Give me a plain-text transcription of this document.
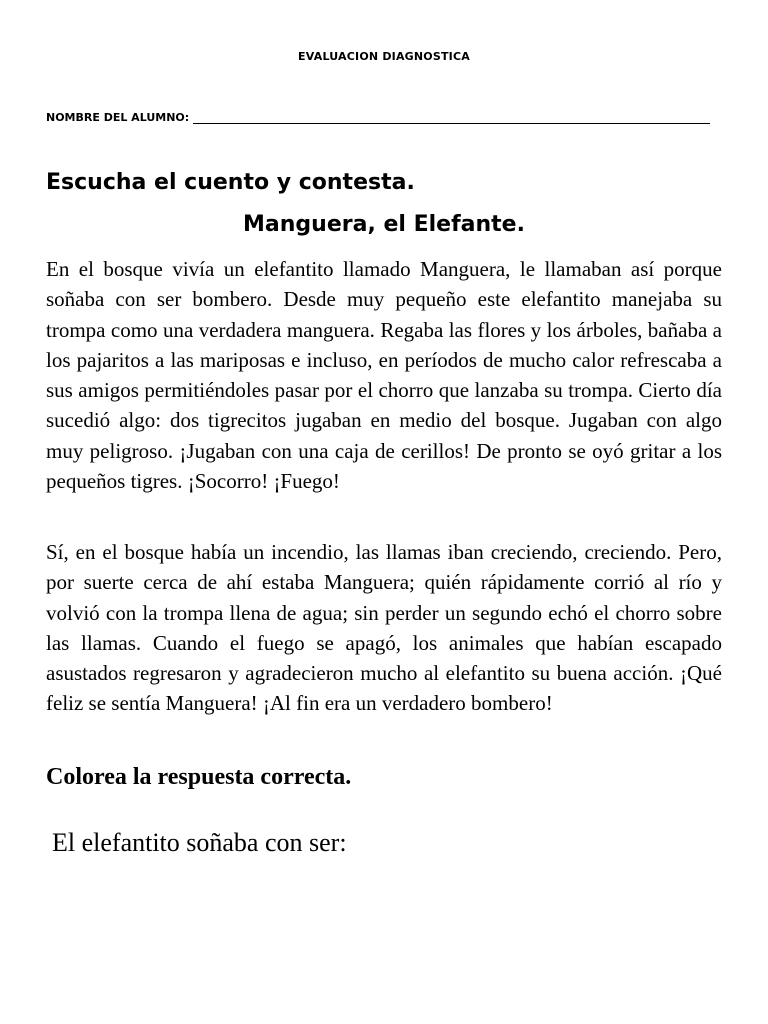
EVALUACION DIAGNOSTICA
NOMBRE DEL ALUMNO:
Escucha el cuento y contesta.
Manguera, el Elefante.

En el bosque vivía un elefantito llamado Manguera, le llamaban así porque soñaba con ser bombero. Desde muy pequeño este elefantito manejaba su trompa como una verdadera manguera. Regaba las flores y los árboles, bañaba a los pajaritos a las mariposas e incluso, en períodos de mucho calor refrescaba a sus amigos permitiéndoles pasar por el chorro que lanzaba su trompa. Cierto día sucedió algo: dos tigrecitos jugaban en medio del bosque. Jugaban con algo muy peligroso. ¡Jugaban con una caja de cerillos! De pronto se oyó gritar a los pequeños tigres. ¡Socorro! ¡Fuego!

Sí, en el bosque había un incendio, las llamas iban creciendo, creciendo. Pero, por suerte cerca de ahí estaba Manguera; quién rápidamente corrió al río y volvió con la trompa llena de agua; sin perder un segundo echó el chorro sobre las llamas. Cuando el fuego se apagó, los animales que habían escapado asustados regresaron y agradecieron mucho al elefantito su buena acción. ¡Qué feliz se sentía Manguera! ¡Al fin era un verdadero bombero!

Colorea la respuesta correcta.
El elefantito soñaba con ser:
